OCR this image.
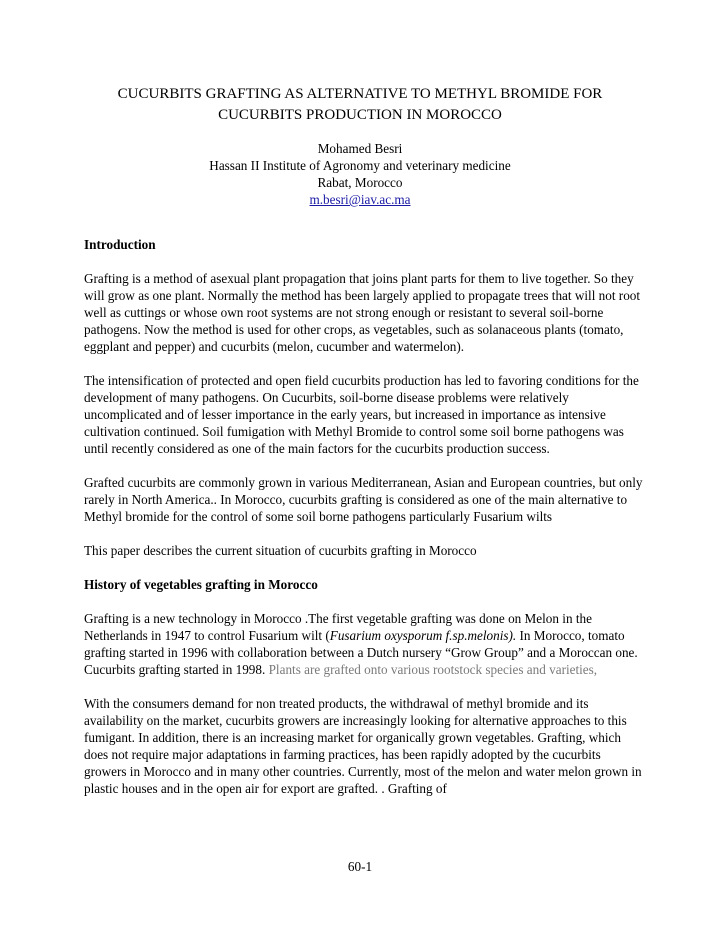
CUCURBITS GRAFTING AS ALTERNATIVE TO METHYL BROMIDE FOR
CUCURBITS PRODUCTION IN MOROCCO
Mohamed Besri
Hassan II Institute of Agronomy and veterinary medicine
Rabat, Morocco
m.besri@iav.ac.ma

Introduction

Grafting is a method of asexual plant propagation that joins plant parts for them to live together. So they will grow as one plant. Normally the method has been largely applied to propagate trees that will not root well as cuttings or whose own root systems are not strong enough or resistant to several soil-borne pathogens. Now the method is used for other crops, as vegetables, such as solanaceous plants (tomato, eggplant and pepper) and cucurbits (melon, cucumber and watermelon).

The intensification of protected and open field cucurbits production has led to favoring conditions for the development of many pathogens. On Cucurbits, soil-borne disease problems were relatively uncomplicated and of lesser importance in the early years, but increased in importance as intensive cultivation continued. Soil fumigation with Methyl Bromide to control some soil borne pathogens was until recently considered as one of the main factors for the cucurbits production success.

Grafted cucurbits are commonly grown in various Mediterranean, Asian and European countries, but only rarely in North America.. In Morocco, cucurbits grafting is considered as one of the main alternative to Methyl bromide for the control of some soil borne pathogens particularly Fusarium wilts

This paper describes the current situation of cucurbits grafting in Morocco

History of vegetables grafting in Morocco

Grafting is a new technology in Morocco .The first vegetable grafting was done on Melon in the Netherlands in 1947 to control Fusarium wilt (Fusarium oxysporum f.sp.melonis). In Morocco, tomato grafting started in 1996 with collaboration between a Dutch nursery “Grow Group” and a Moroccan one. Cucurbits grafting started in 1998. Plants are grafted onto various rootstock species and varieties,

With the consumers demand for non treated products, the withdrawal of methyl bromide and its availability on the market, cucurbits growers are increasingly looking for alternative approaches to this fumigant. In addition, there is an increasing market for organically grown vegetables. Grafting, which does not require major adaptations in farming practices, has been rapidly adopted by the cucurbits growers in Morocco and in many other countries. Currently, most of the melon and water melon grown in plastic houses and in the open air for export are grafted. . Grafting of

60-1
